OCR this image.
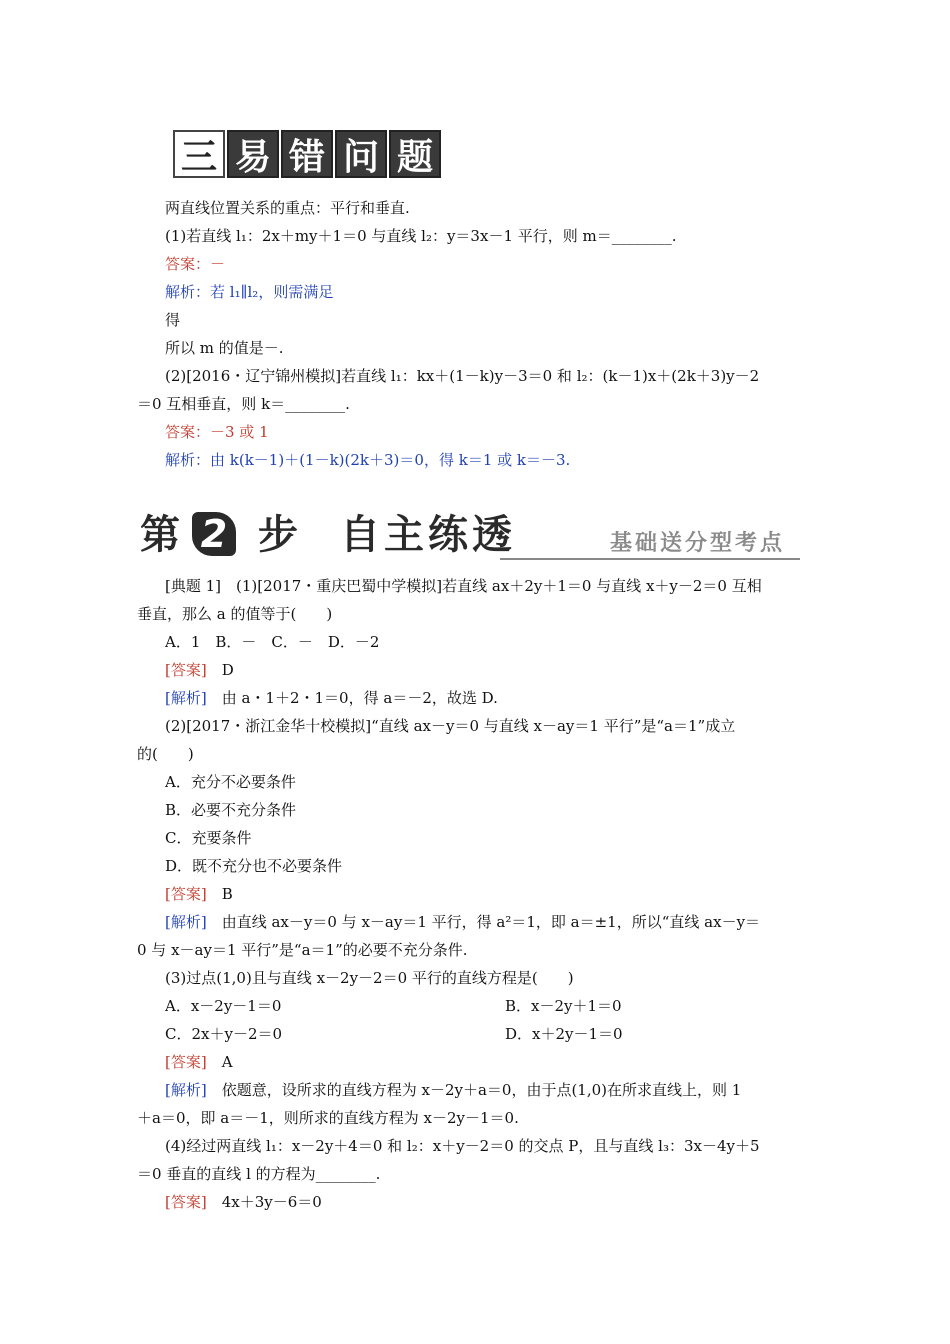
三 易 错 问 题
两直线位置关系的重点：平行和垂直.
(1)若直线 l₁：2x＋my＋1＝0 与直线 l₂：y＝3x－1 平行，则 m＝________.
答案：－
解析：若 l₁∥l₂，则需满足
得
所以 m 的值是－.
(2)[2016・辽宁锦州模拟]若直线 l₁：kx＋(1－k)y－3＝0 和 l₂：(k－1)x＋(2k＋3)y－2
＝0 互相垂直，则 k＝________.
答案：－3 或 1
解析：由 k(k－1)＋(1－k)(2k＋3)＝0，得 k＝1 或 k＝－3.
第 2 步 自主练透	基础送分型考点
[典题 1]　(1)[2017・重庆巴蜀中学模拟]若直线 ax＋2y＋1＝0 与直线 x＋y－2＝0 互相
垂直，那么 a 的值等于(　　)
A．1　B．－　C．－　D．－2
[答案]　D
[解析]　由 a・1＋2・1＝0，得 a＝－2，故选 D.
(2)[2017・浙江金华十校模拟]“直线 ax－y＝0 与直线 x－ay＝1 平行”是“a＝1”成立
的(　　)
A．充分不必要条件
B．必要不充分条件
C．充要条件
D．既不充分也不必要条件
[答案]　B
[解析]　由直线 ax－y＝0 与 x－ay＝1 平行，得 a²＝1，即 a＝±1，所以“直线 ax－y＝
0 与 x－ay＝1 平行”是“a＝1”的必要不充分条件.
(3)过点(1,0)且与直线 x－2y－2＝0 平行的直线方程是(　　)
A．x－2y－1＝0	B．x－2y＋1＝0
C．2x＋y－2＝0	D．x＋2y－1＝0
[答案]　A
[解析]　依题意，设所求的直线方程为 x－2y＋a＝0，由于点(1,0)在所求直线上，则 1
＋a＝0，即 a＝－1，则所求的直线方程为 x－2y－1＝0.
(4)经过两直线 l₁：x－2y＋4＝0 和 l₂：x＋y－2＝0 的交点 P，且与直线 l₃：3x－4y＋5
＝0 垂直的直线 l 的方程为________.
[答案]　4x＋3y－6＝0
